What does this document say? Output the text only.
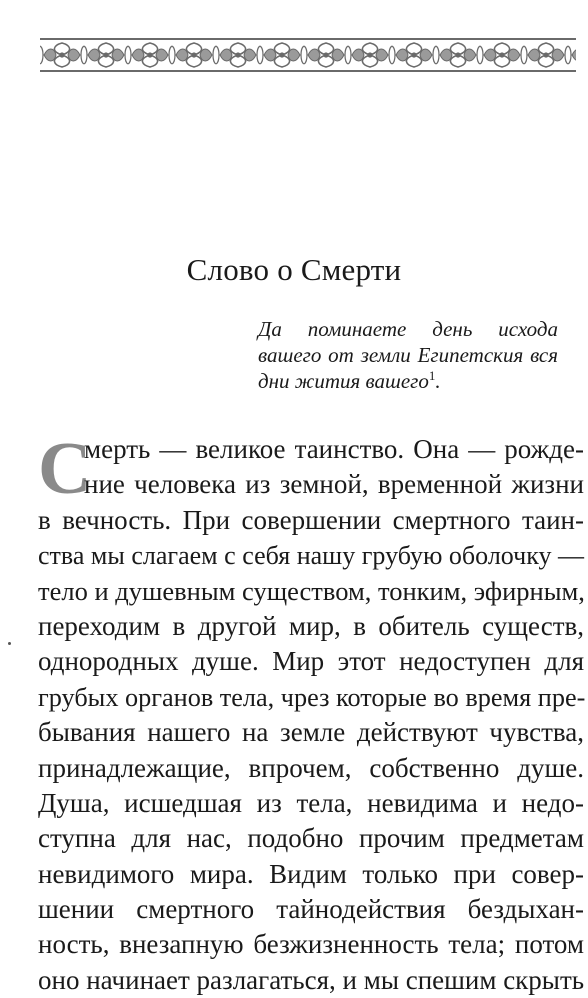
Слово о Смерти
Да поминаете день исхода
вашего от земли Египетския вся
дни жития вашего$^1$.
С
мерть — великое таинство. Она — рожде-
ние человека из земной, временной жизни
в вечность. При совершении смертного таин-
ства мы слагаем с себя нашу грубую оболочку —
тело и душевным существом, тонким, эфирным,
переходим в другой мир, в обитель существ,
однородных душе. Мир этот недоступен для
грубых органов тела, чрез которые во время пре-
бывания нашего на земле действуют чувства,
принадлежащие, впрочем, собственно душе.
Душа, исшедшая из тела, невидима и недо-
ступна для нас, подобно прочим предметам
невидимого мира. Видим только при совер-
шении смертного тайнодействия бездыхан-
ность, внезапную безжизненность тела; потом
оно начинает разлагаться, и мы спешим скрыть
